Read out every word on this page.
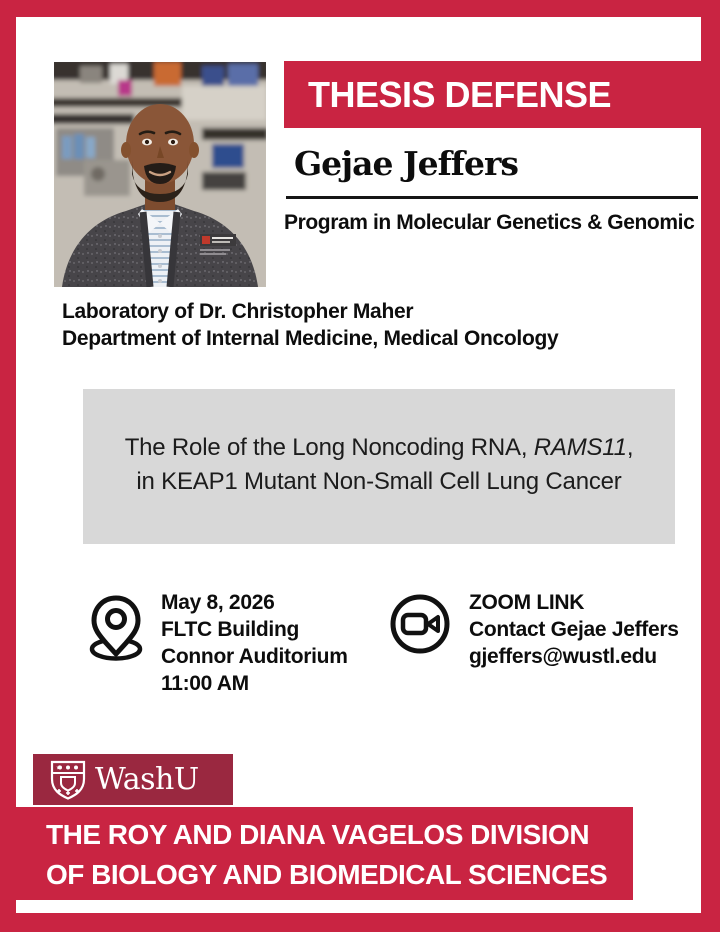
THESIS DEFENSE
Gejae Jeffers
Program in Molecular Genetics & Genomic
Laboratory of Dr. Christopher Maher
Department of Internal Medicine, Medical Oncology
The Role of the Long Noncoding RNA, RAMS11,
in KEAP1 Mutant Non-Small Cell Lung Cancer
May 8, 2026
FLTC Building
Connor Auditorium
11:00 AM
ZOOM LINK
Contact Gejae Jeffers
gjeffers@wustl.edu
WashU
THE ROY AND DIANA VAGELOS DIVISION
OF BIOLOGY AND BIOMEDICAL SCIENCES
